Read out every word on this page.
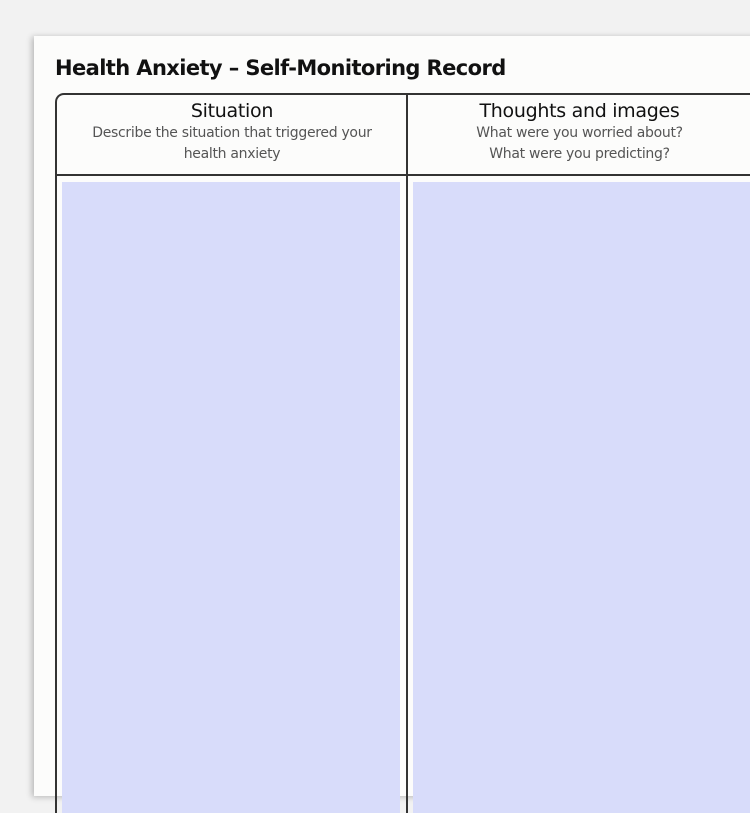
Health Anxiety – Self-Monitoring Record
Situation
Describe the situation that triggered your
health anxiety
Thoughts and images
What were you worried about?
What were you predicting?
